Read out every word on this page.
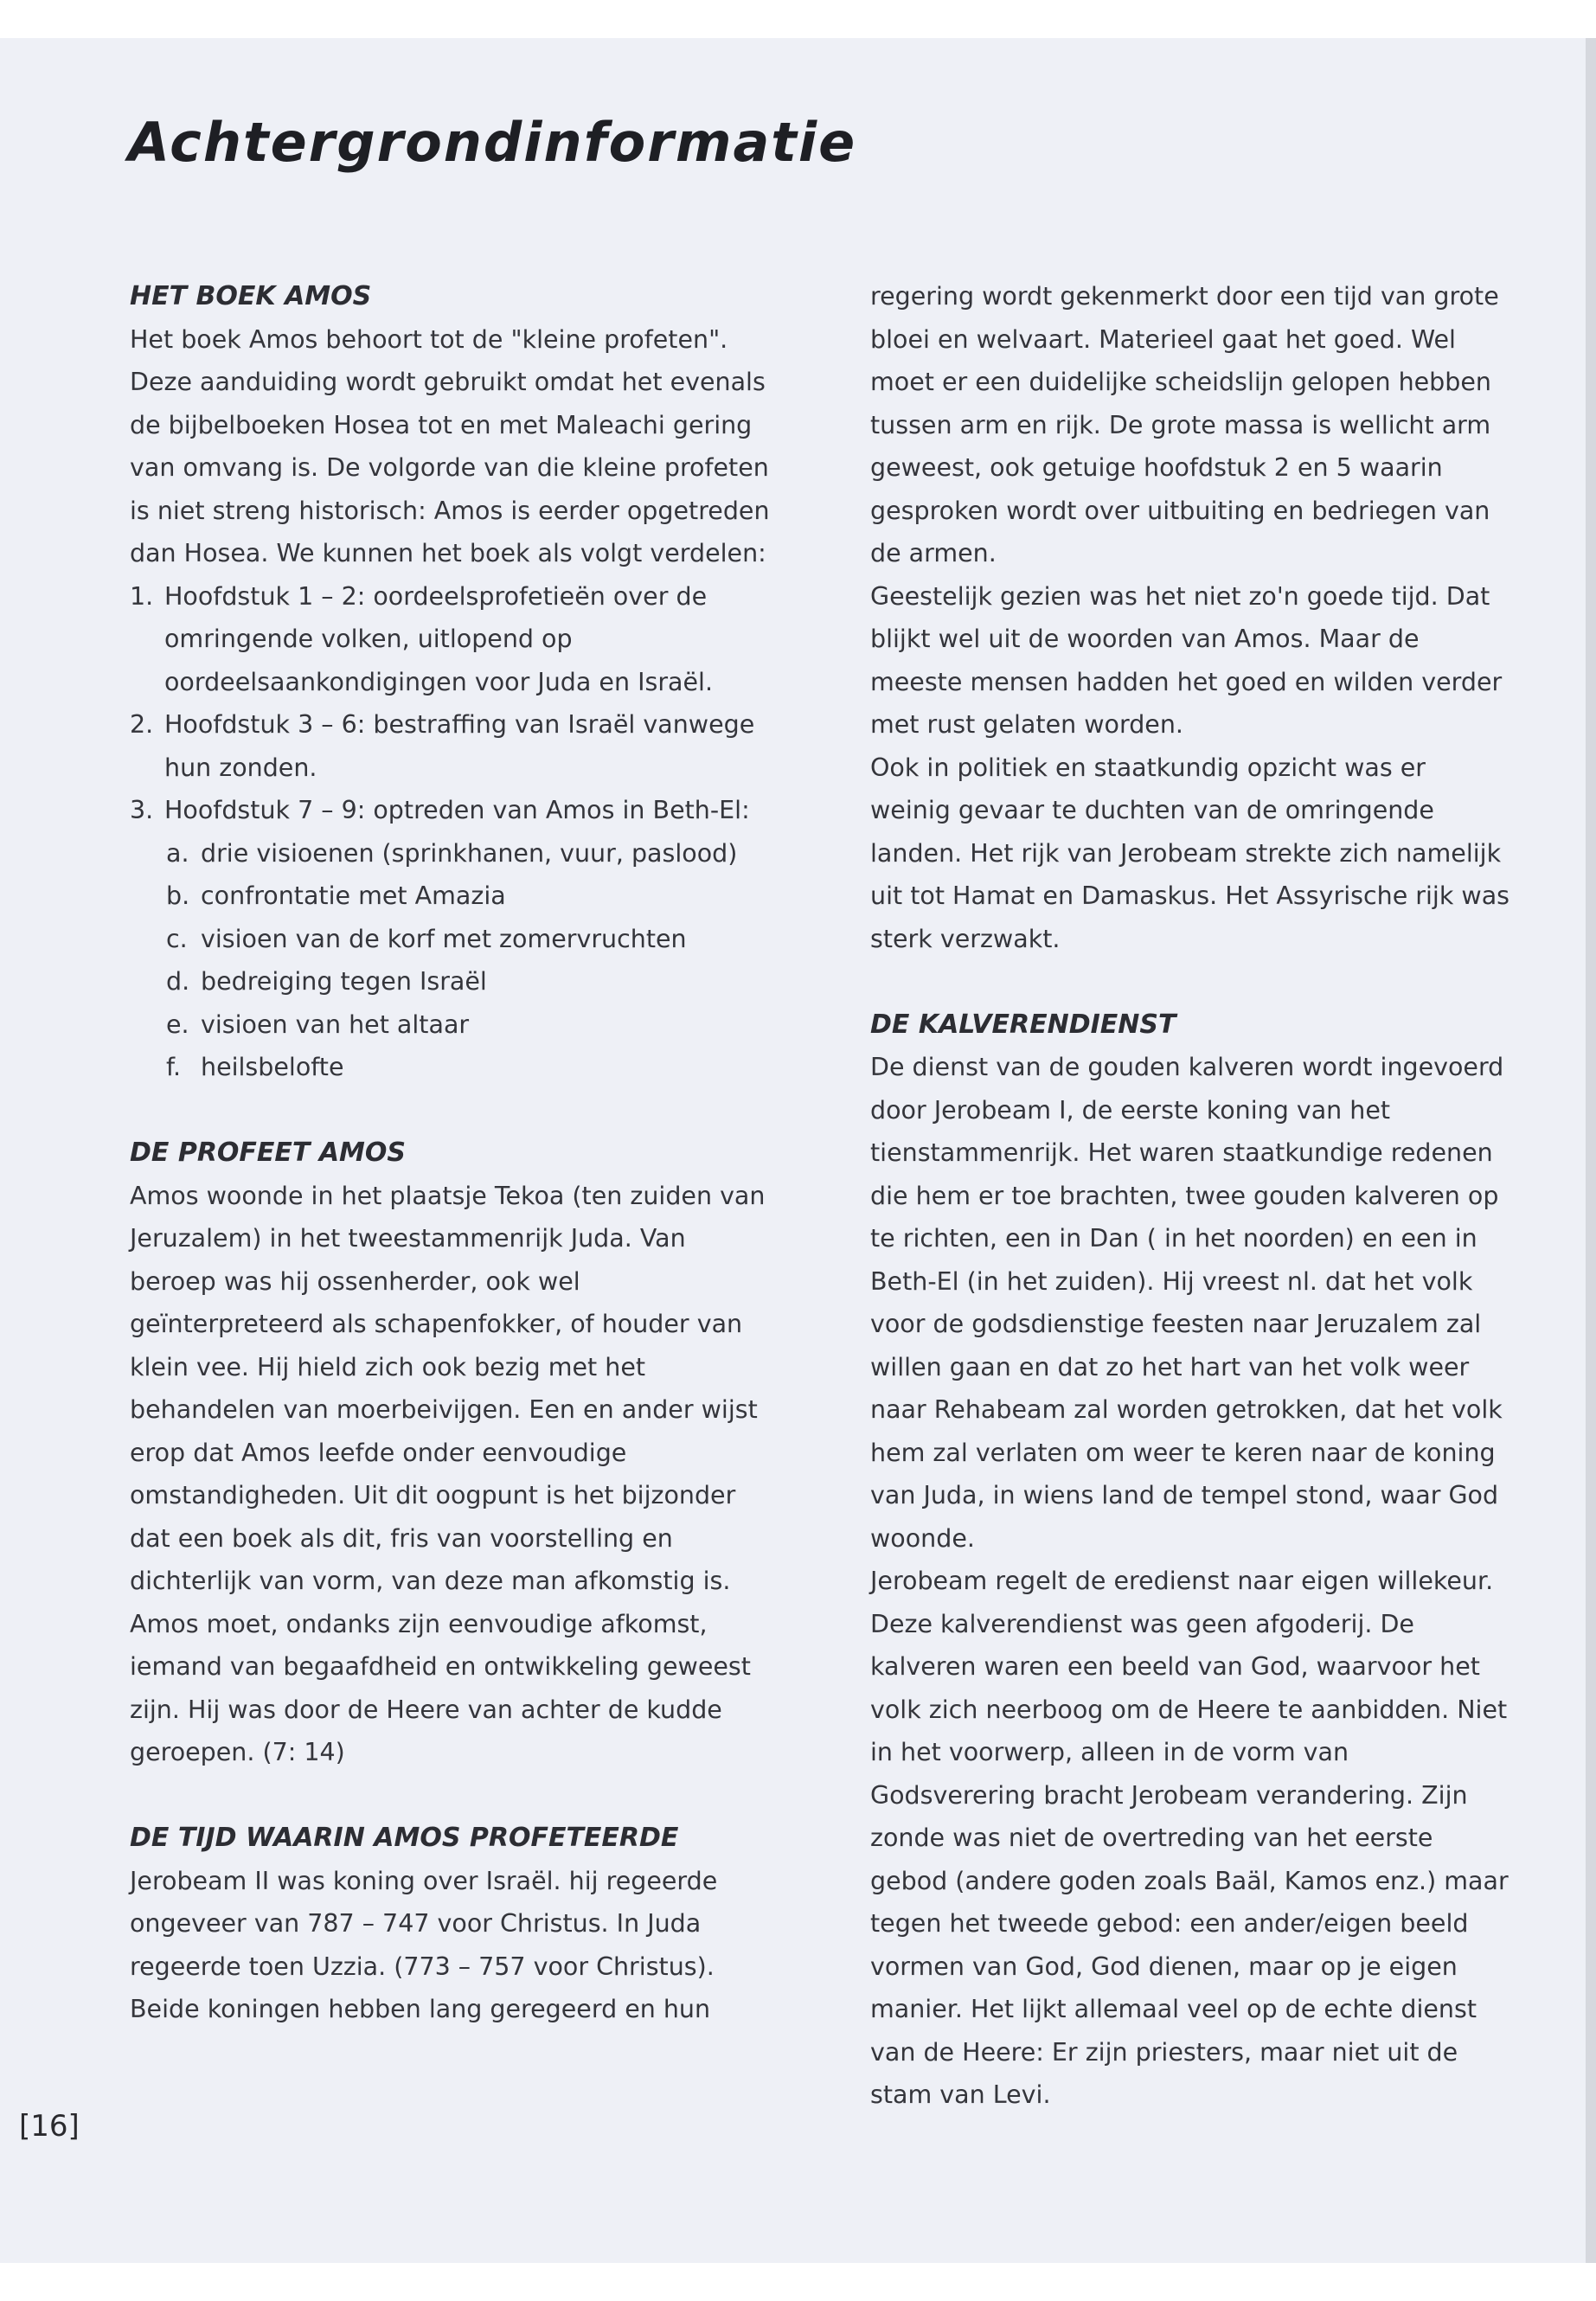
Achtergrondinformatie
HET BOEK AMOS

Het boek Amos behoort tot de "kleine profeten". Deze aanduiding wordt gebruikt omdat het evenals de bijbelboeken Hosea tot en met Maleachi gering van omvang is. De volgorde van die kleine profeten is niet streng historisch: Amos is eerder opgetreden dan Hosea. We kunnen het boek als volgt verdelen:

1. Hoofdstuk 1 – 2: oordeelsprofetieën over de omringende volken, uitlopend op oordeelsaankondigingen voor Juda en Israël.
2. Hoofdstuk 3 – 6: bestraffing van Israël vanwege hun zonden.
3. Hoofdstuk 7 – 9: optreden van Amos in Beth-El:
a. drie visioenen (sprinkhanen, vuur, paslood)
b. confrontatie met Amazia
c. visioen van de korf met zomervruchten
d. bedreiging tegen Israël
e. visioen van het altaar
f. heilsbelofte
DE PROFEET AMOS

Amos woonde in het plaatsje Tekoa (ten zuiden van Jeruzalem) in het tweestammenrijk Juda. Van beroep was hij ossenherder, ook wel geïnterpreteerd als schapenfokker, of houder van klein vee. Hij hield zich ook bezig met het behandelen van moerbeivijgen. Een en ander wijst erop dat Amos leefde onder eenvoudige omstandigheden. Uit dit oogpunt is het bijzonder dat een boek als dit, fris van voorstelling en dichterlijk van vorm, van deze man afkomstig is. Amos moet, ondanks zijn eenvoudige afkomst, iemand van begaafdheid en ontwikkeling geweest zijn. Hij was door de Heere van achter de kudde geroepen. (7: 14)

DE TIJD WAARIN AMOS PROFETEERDE

Jerobeam II was koning over Israël. hij regeerde ongeveer van 787 – 747 voor Christus. In Juda regeerde toen Uzzia. (773 – 757 voor Christus). Beide koningen hebben lang geregeerd en hun

regering wordt gekenmerkt door een tijd van grote bloei en welvaart. Materieel gaat het goed. Wel moet er een duidelijke scheidslijn gelopen hebben tussen arm en rijk. De grote massa is wellicht arm geweest, ook getuige hoofdstuk 2 en 5 waarin gesproken wordt over uitbuiting en bedriegen van de armen.

Geestelijk gezien was het niet zo'n goede tijd. Dat blijkt wel uit de woorden van Amos. Maar de meeste mensen hadden het goed en wilden verder met rust gelaten worden.

Ook in politiek en staatkundig opzicht was er weinig gevaar te duchten van de omringende landen. Het rijk van Jerobeam strekte zich namelijk uit tot Hamat en Damaskus. Het Assyrische rijk was sterk verzwakt.

DE KALVERENDIENST

De dienst van de gouden kalveren wordt ingevoerd door Jerobeam I, de eerste koning van het tienstammenrijk. Het waren staatkundige redenen die hem er toe brachten, twee gouden kalveren op te richten, een in Dan ( in het noorden) en een in Beth-El (in het zuiden). Hij vreest nl. dat het volk voor de godsdienstige feesten naar Jeruzalem zal willen gaan en dat zo het hart van het volk weer naar Rehabeam zal worden getrokken, dat het volk hem zal verlaten om weer te keren naar de koning van Juda, in wiens land de tempel stond, waar God woonde.

Jerobeam regelt de eredienst naar eigen willekeur. Deze kalverendienst was geen afgoderij. De kalveren waren een beeld van God, waarvoor het volk zich neerboog om de Heere te aanbidden. Niet in het voorwerp, alleen in de vorm van Godsverering bracht Jerobeam verandering. Zijn zonde was niet de overtreding van het eerste gebod (andere goden zoals Baäl, Kamos enz.) maar tegen het tweede gebod: een ander/eigen beeld vormen van God, God dienen, maar op je eigen manier. Het lijkt allemaal veel op de echte dienst van de Heere: Er zijn priesters, maar niet uit de stam van Levi.

[16]
